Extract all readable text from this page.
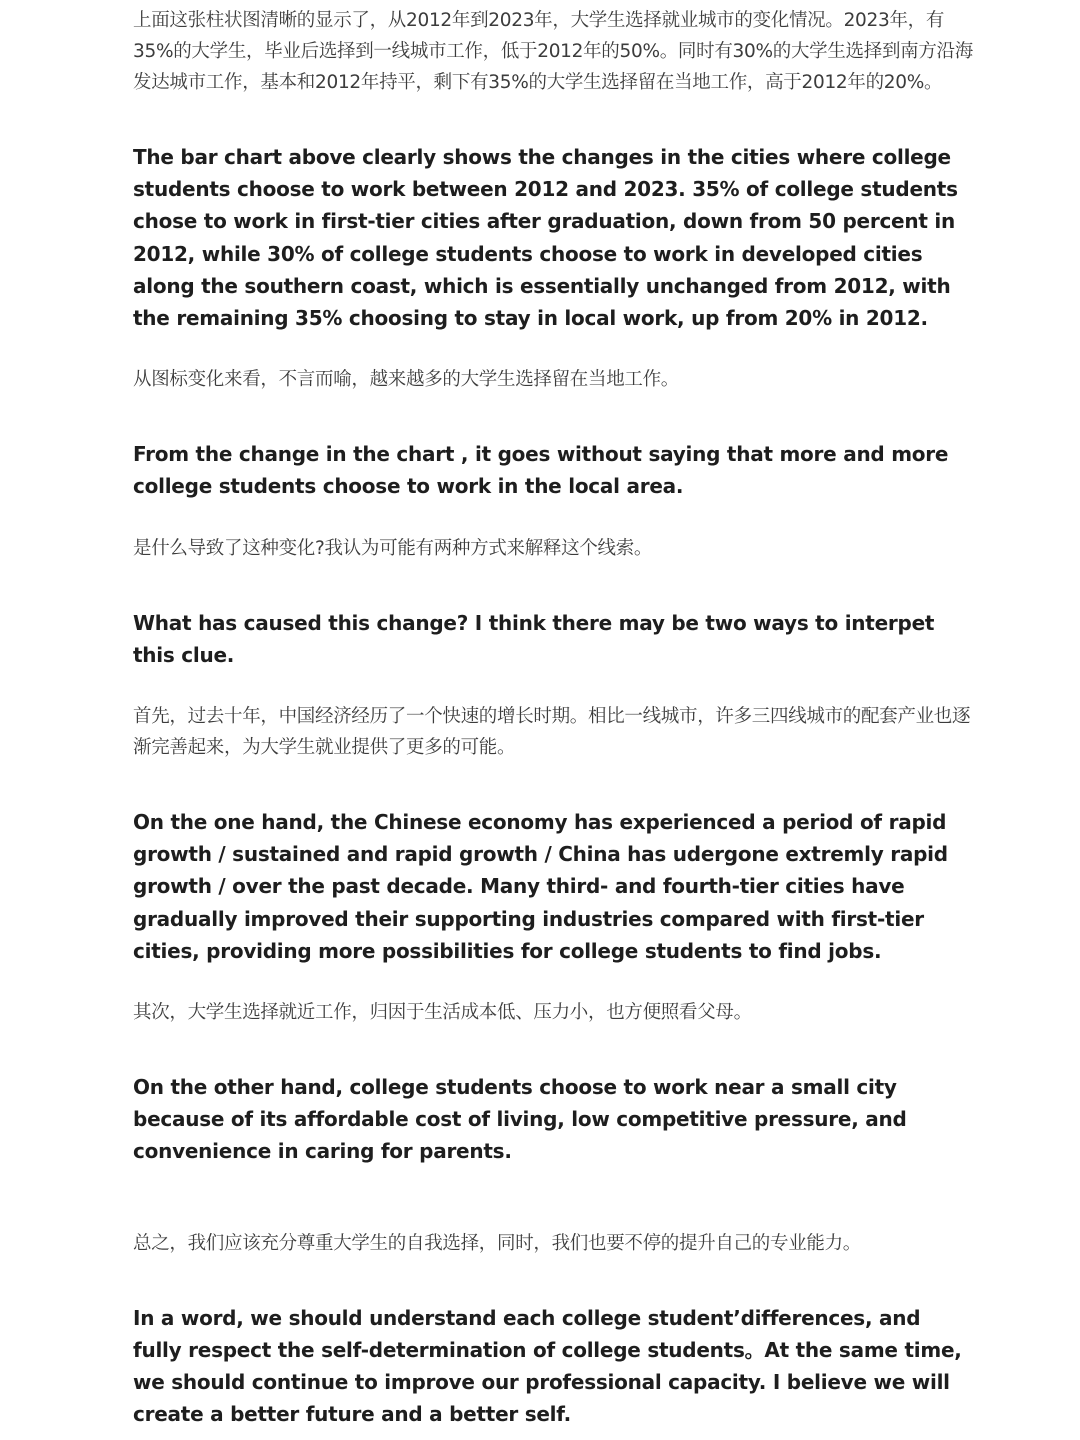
上面这张柱状图清晰的显示了，从2012年到2023年，大学生选择就业城市的变化情况。2023年，有35%的大学生，毕业后选择到一线城市工作，低于2012年的50%。同时有30%的大学生选择到南方沿海发达城市工作，基本和2012年持平，剩下有35%的大学生选择留在当地工作，高于2012年的20%。

The bar chart above clearly shows the changes in the cities where college students choose to work between 2012 and 2023. 35% of college students chose to work in first-tier cities after graduation, down from 50 percent in 2012, while 30% of college students choose to work in developed cities along the southern coast, which is essentially unchanged from 2012, with the remaining 35% choosing to stay in local work, up from 20% in 2012.

从图标变化来看，不言而喻，越来越多的大学生选择留在当地工作。

From the change in the chart , it goes without saying that more and more college students choose to work in the local area.

是什么导致了这种变化?我认为可能有两种方式来解释这个线索。

What has caused this change? I think there may be two ways to interpet this clue.

首先，过去十年，中国经济经历了一个快速的增长时期。相比一线城市，许多三四线城市的配套产业也逐渐完善起来，为大学生就业提供了更多的可能。

On the one hand, the Chinese economy has experienced a period of rapid growth / sustained and rapid growth / China has udergone extremly rapid growth / over the past decade. Many third- and fourth-tier cities have gradually improved their supporting industries compared with first-tier cities, providing more possibilities for college students to find jobs.

其次，大学生选择就近工作，归因于生活成本低、压力小，也方便照看父母。

On the other hand, college students choose to work near a small city because of its affordable cost of living, low competitive pressure, and convenience in caring for parents.

总之，我们应该充分尊重大学生的自我选择，同时，我们也要不停的提升自己的专业能力。

In a word, we should understand each college student’differences, and fully respect the self-determination of college students。At the same time, we should continue to improve our professional capacity. I believe we will create a better future and a better self.
